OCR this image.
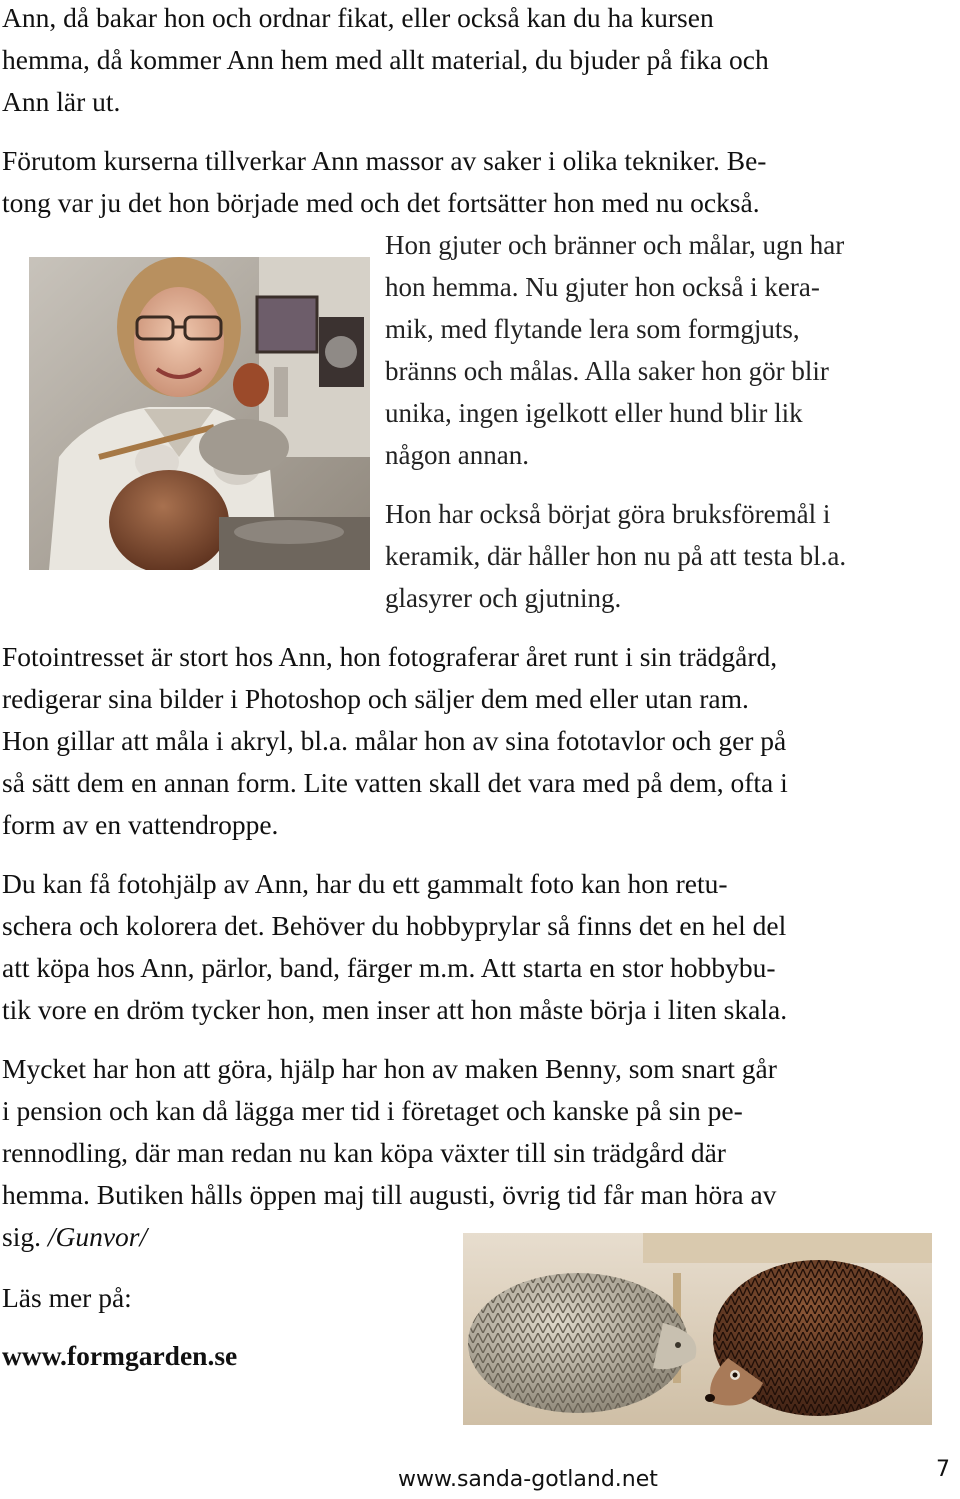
Ann, då bakar hon och ordnar fikat, eller också kan du ha kursen
hemma, då kommer Ann hem med allt material, du bjuder på fika och
Ann lär ut.
Förutom kurserna tillverkar Ann massor av saker i olika tekniker. Be-
tong var ju det hon började med och det fortsätter hon med nu också.
Hon gjuter och bränner och målar, ugn har
hon hemma. Nu gjuter hon också i kera-
mik, med flytande lera som formgjuts,
bränns och målas. Alla saker hon gör blir
unika, ingen igelkott eller hund blir lik
någon annan.
Hon har också börjat göra bruksföremål i
keramik, där håller hon nu på att testa bl.a.
glasyrer och gjutning.
Fotointresset är stort hos Ann, hon fotograferar året runt i sin trädgård,
redigerar sina bilder i Photoshop och säljer dem med eller utan ram.
Hon gillar att måla i akryl, bl.a. målar hon av sina fototavlor och ger på
så sätt dem en annan form. Lite vatten skall det vara med på dem, ofta i
form av en vattendroppe.
Du kan få fotohjälp av Ann, har du ett gammalt foto kan hon retu-
schera och kolorera det. Behöver du hobbyprylar så finns det en hel del
att köpa hos Ann, pärlor, band, färger m.m. Att starta en stor hobbybu-
tik vore en dröm tycker hon, men inser att hon måste börja i liten skala.
Mycket har hon att göra, hjälp har hon av maken Benny, som snart går
i pension och kan då lägga mer tid i företaget och kanske på sin pe-
rennodling, där man redan nu kan köpa växter till sin trädgård där
hemma. Butiken hålls öppen maj till augusti, övrig tid får man höra av
sig. /Gunvor/
Läs mer på:
www.formgarden.se
www.sanda-gotland.net	7
